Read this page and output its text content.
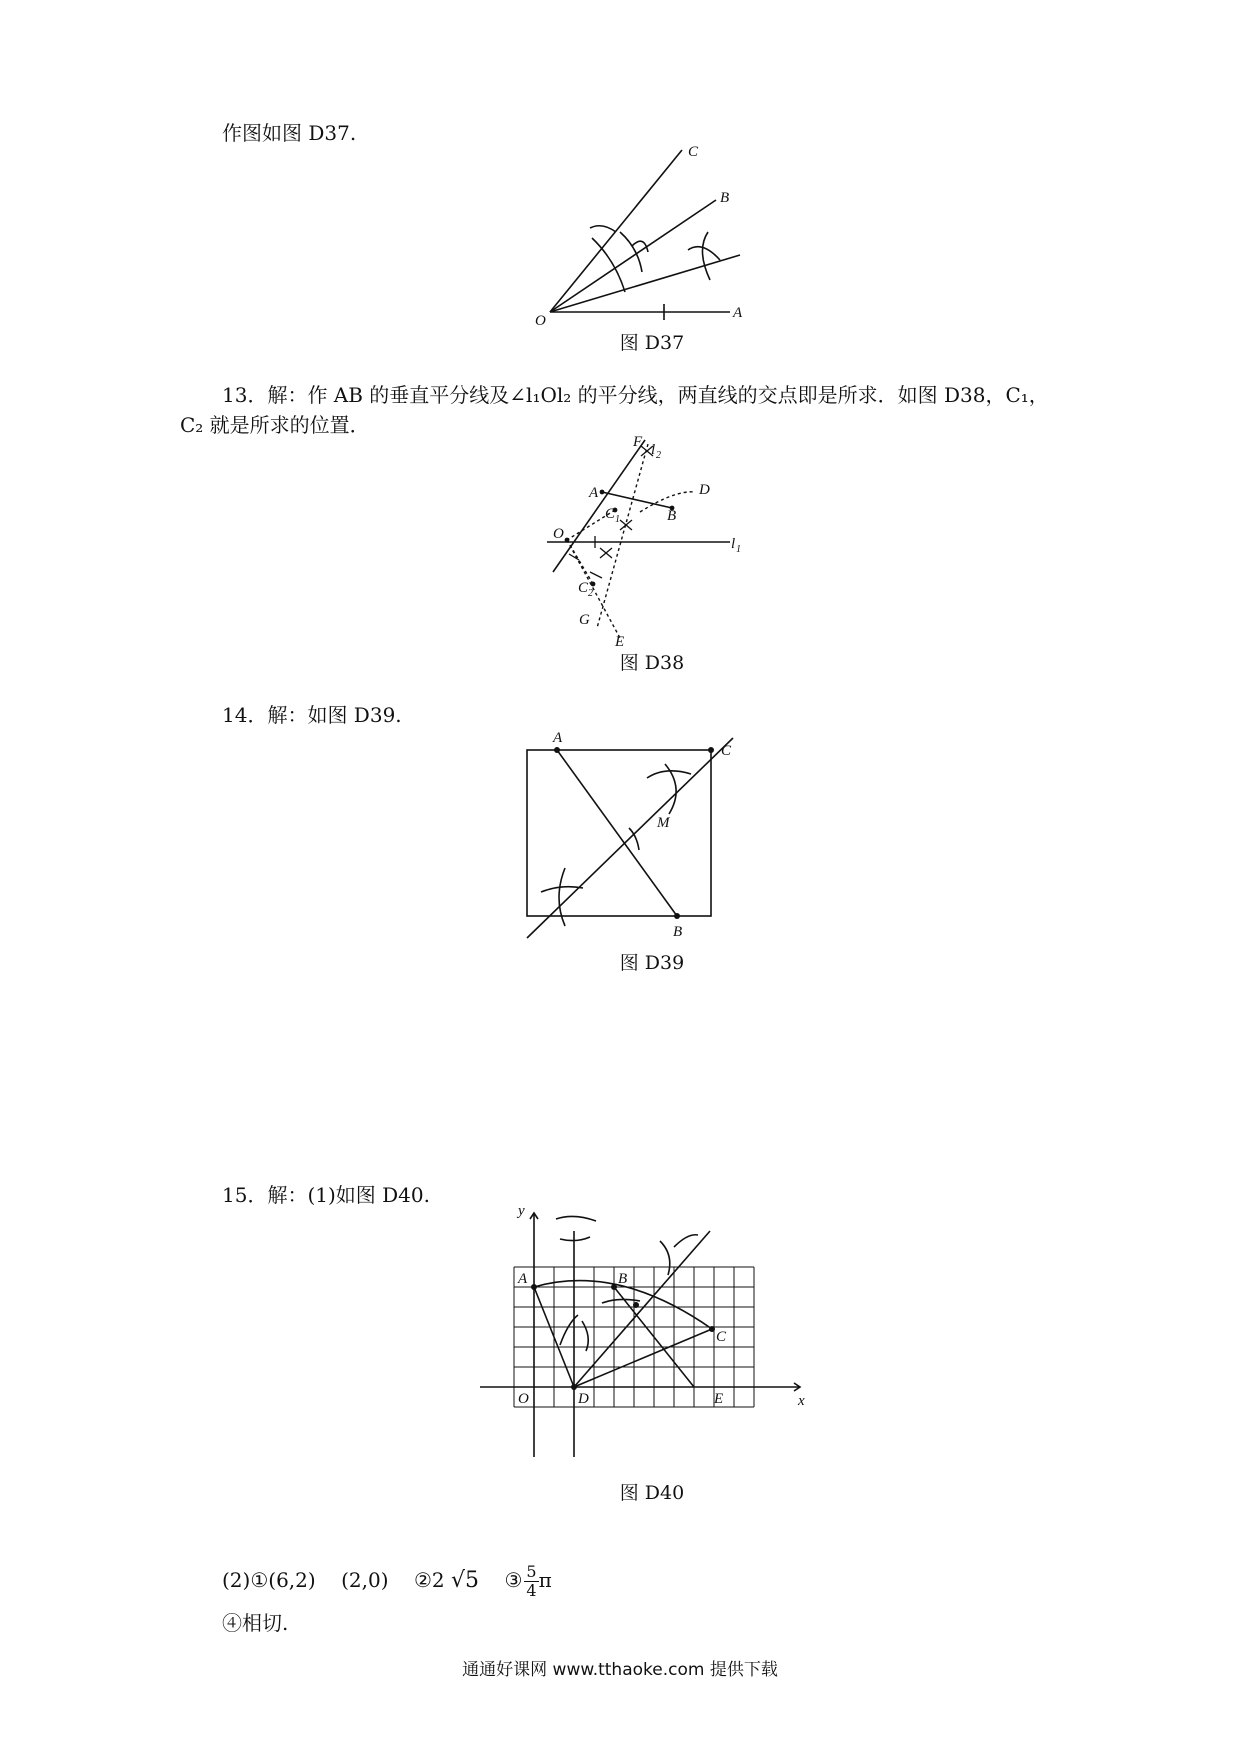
作图如图 D37.
O	A
B
C
图 D37
13．解：作 AB 的垂直平分线及∠l₁Ol₂ 的平分线，两直线的交点即是所求．如图 D38，C₁，
C₂ 就是所求的位置．
F l 2
A	D
C 1	B
O
l 1
C 2
G
E
图 D38
14．解：如图 D39.
A
C
M
B
图 D39
15．解：(1)如图 D40.
y
A	B
C
O	D	E	x
图 D40
(2)①(6,2) (2,0) ②2 √5 ③ $\frac{5}{4}$ π
④相切.
通通好课网 www.tthaoke.com 提供下载
